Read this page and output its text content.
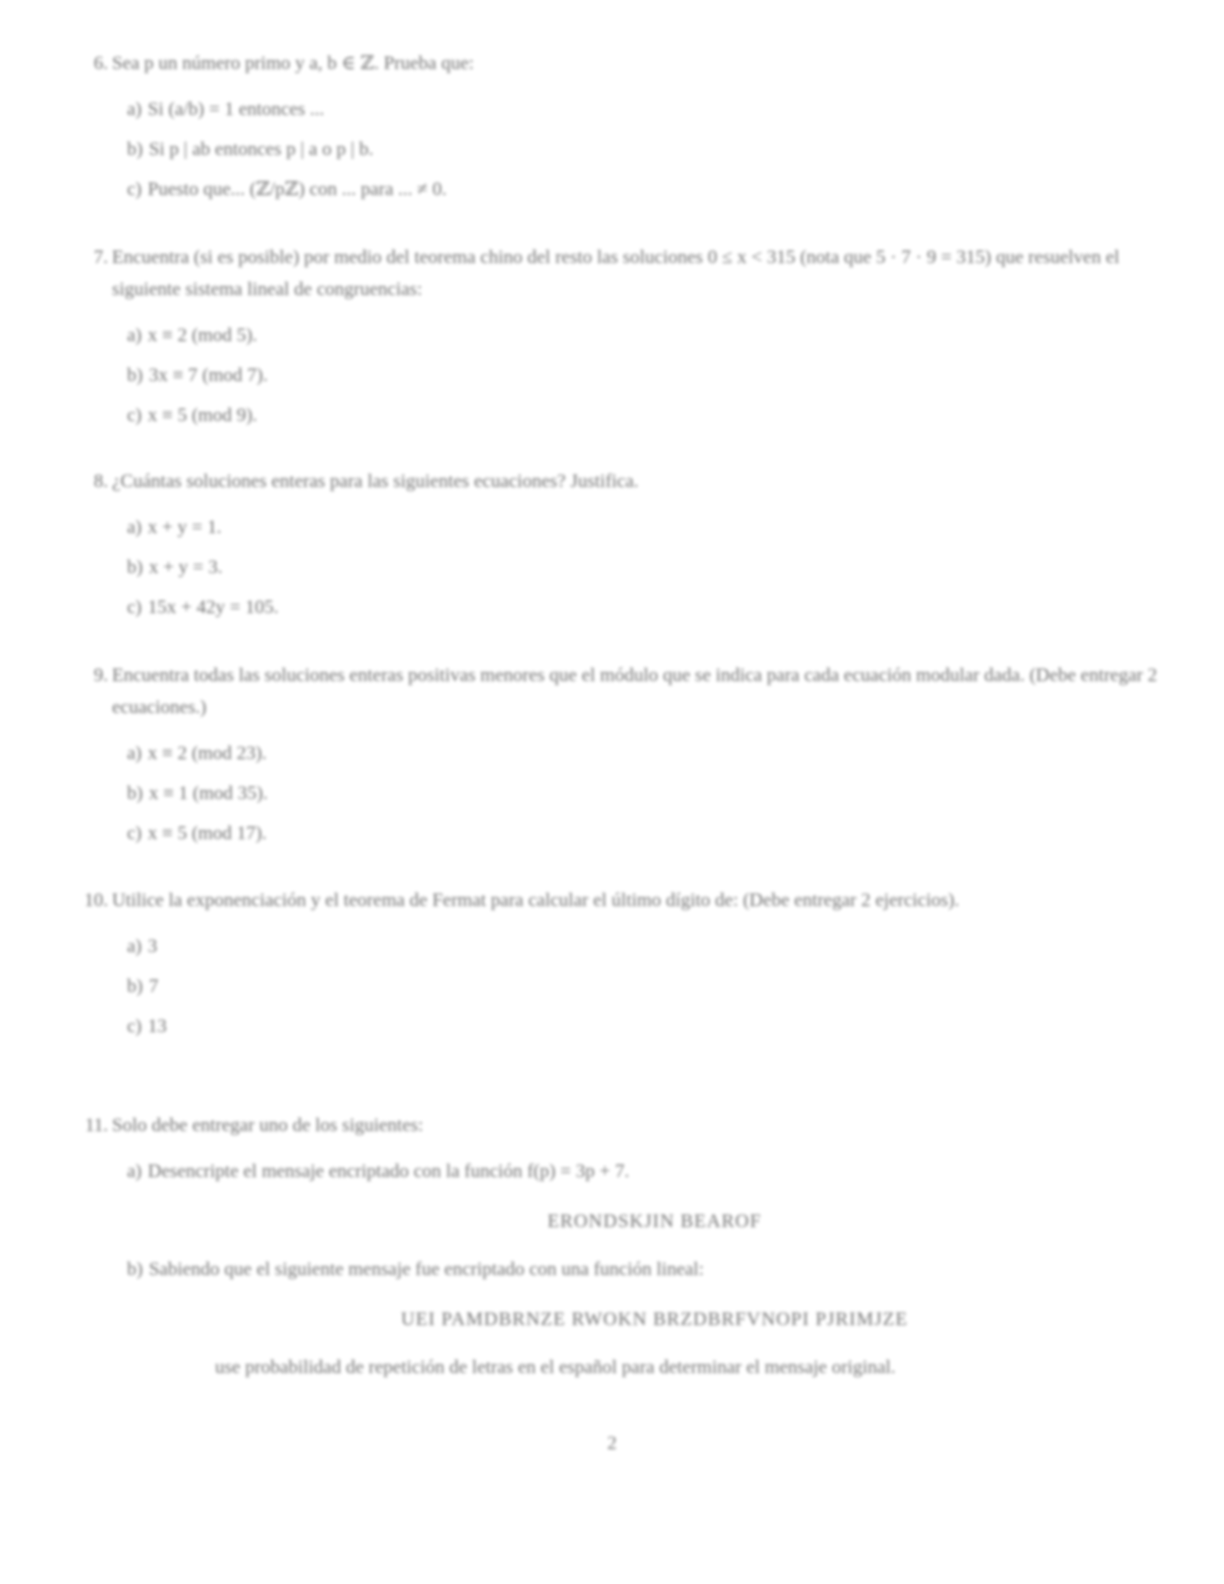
6. Sea p un número primo y a, b ∈ ℤ. Prueba que:
a) Si (a/b) = 1 entonces ...
b) Si p | ab entonces p | a o p | b.
c) Puesto que... (ℤ/pℤ) con ... para ... ≠ 0.
7. Encuentra (si es posible) por medio del teorema chino del resto las soluciones 0 ≤ x < 315 (nota que 5 · 7 · 9 = 315) que resuelven el siguiente sistema lineal de congruencias:
a) x ≡ 2 (mod 5).
b) 3x ≡ 7 (mod 7).
c) x ≡ 5 (mod 9).
8. ¿Cuántas soluciones enteras para las siguientes ecuaciones? Justifica.
a) x + y = 1.
b) x + y = 3.
c) 15x + 42y = 105.
9. Encuentra todas las soluciones enteras positivas menores que el módulo que se indica para cada ecuación modular dada. (Debe entregar 2 ecuaciones.)
a) x ≡ 2 (mod 23).
b) x ≡ 1 (mod 35).
c) x ≡ 5 (mod 17).
10. Utilice la exponenciación y el teorema de Fermat para calcular el último dígito de: (Debe entregar 2 ejercicios).
a) 3
b) 7
c) 13
11. Solo debe entregar uno de los siguientes:
a) Desencripte el mensaje encriptado con la función f(p) = 3p + 7.
ERONDSKJIN BEAROF
b) Sabiendo que el siguiente mensaje fue encriptado con una función lineal:
UEI PAMDBRNZE RWOKN BRZDBRFVNOPI PJRIMJZE
use probabilidad de repetición de letras en el español para determinar el mensaje original.
2
